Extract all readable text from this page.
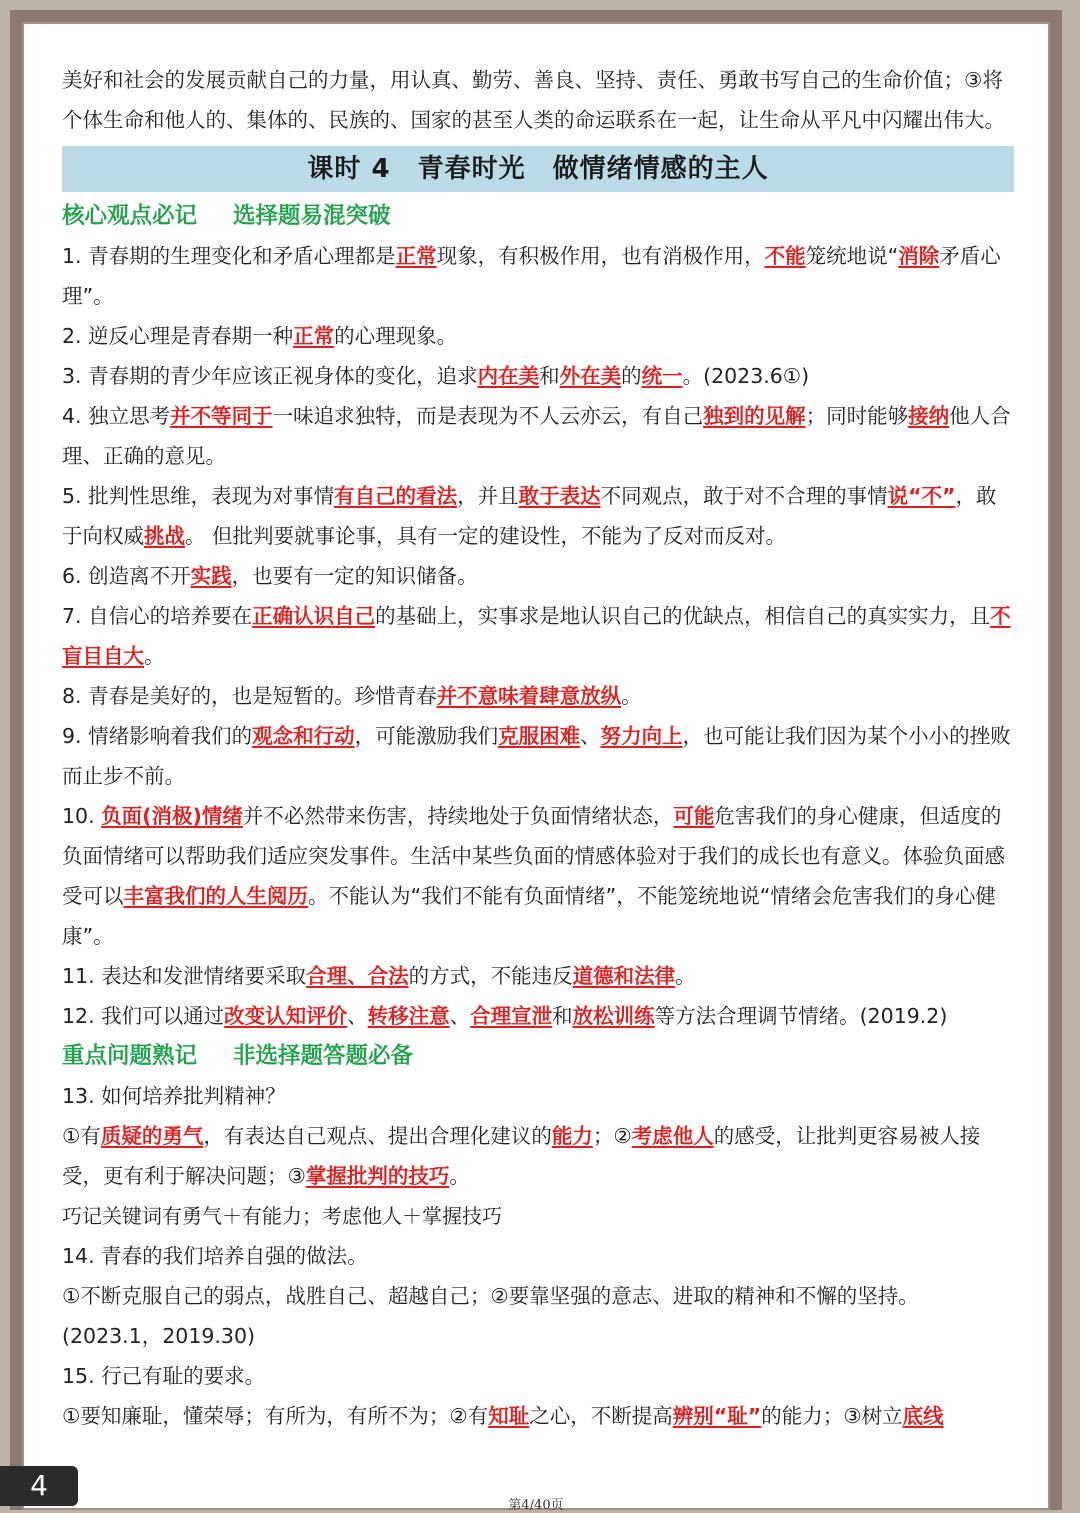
美好和社会的发展贡献自己的力量，用认真、勤劳、善良、坚持、责任、勇敢书写自己的生命价值；③将个体生命和他人的、集体的、民族的、国家的甚至人类的命运联系在一起，让生命从平凡中闪耀出伟大。

课时 4　青春时光　做情绪情感的主人
核心观点必记 选择题易混突破

1. 青春期的生理变化和矛盾心理都是正常现象，有积极作用，也有消极作用，不能笼统地说“消除矛盾心理”。

2. 逆反心理是青春期一种正常的心理现象。

3. 青春期的青少年应该正视身体的变化，追求内在美和外在美的统一。(2023.6①)

4. 独立思考并不等同于一味追求独特，而是表现为不人云亦云，有自己独到的见解；同时能够接纳他人合理、正确的意见。

5. 批判性思维，表现为对事情有自己的看法，并且敢于表达不同观点，敢于对不合理的事情说“不”，敢于向权威挑战。 但批判要就事论事，具有一定的建设性，不能为了反对而反对。

6. 创造离不开实践，也要有一定的知识储备。

7. 自信心的培养要在正确认识自己的基础上，实事求是地认识自己的优缺点，相信自己的真实实力，且不盲目自大。

8. 青春是美好的，也是短暂的。珍惜青春并不意味着肆意放纵。

9. 情绪影响着我们的观念和行动，可能激励我们克服困难、努力向上，也可能让我们因为某个小小的挫败而止步不前。

10. 负面(消极)情绪并不必然带来伤害，持续地处于负面情绪状态，可能危害我们的身心健康，但适度的负面情绪可以帮助我们适应突发事件。生活中某些负面的情感体验对于我们的成长也有意义。体验负面感受可以丰富我们的人生阅历。不能认为“我们不能有负面情绪”，不能笼统地说“情绪会危害我们的身心健康”。

11. 表达和发泄情绪要采取合理、合法的方式，不能违反道德和法律。

12. 我们可以通过改变认知评价、转移注意、合理宣泄和放松训练等方法合理调节情绪。(2019.2)

重点问题熟记 非选择题答题必备

13. 如何培养批判精神？

①有质疑的勇气，有表达自己观点、提出合理化建议的能力；②考虑他人的感受，让批判更容易被人接受，更有利于解决问题；③掌握批判的技巧。

巧记关键词有勇气＋有能力；考虑他人＋掌握技巧

14. 青春的我们培养自强的做法。

①不断克服自己的弱点，战胜自己、超越自己；②要靠坚强的意志、进取的精神和不懈的坚持。(2023.1，2019.30)

15. 行己有耻的要求。

①要知廉耻，懂荣辱；有所为，有所不为；②有知耻之心，不断提高辨别“耻”的能力；③树立底线

第4/40页
4
